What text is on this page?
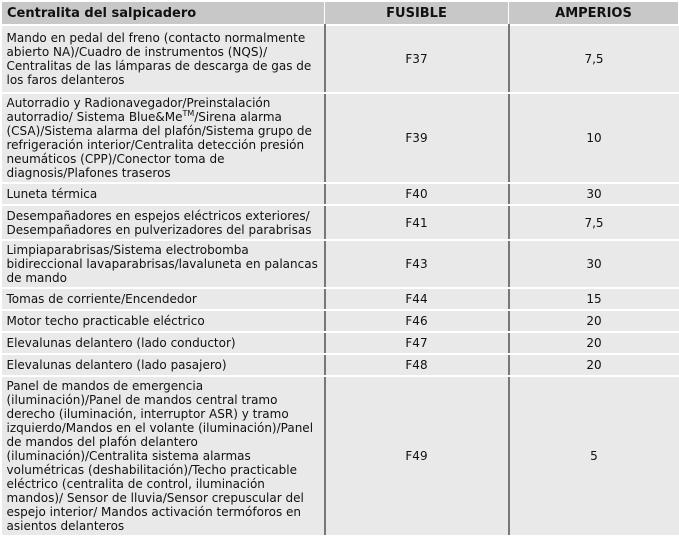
Centralita del salpicadero	FUSIBLE	AMPERIOS
Mando en pedal del freno (contacto normalmente abierto NA)/Cuadro de instrumentos (NQS)/ Centralitas de las lámparas de descarga de gas de los faros delanteros	F37	7,5
Autorradio y Radionavegador/Preinstalación autorradio/ Sistema Blue&Me™/Sirena alarma (CSA)/Sistema alarma del plafón/Sistema grupo de refrigeración interior/Centralita detección presión neumáticos (CPP)/Conector toma de diagnosis/Plafones traseros	F39	10
Luneta térmica	F40	30
Desempañadores en espejos eléctricos exteriores/ Desempañadores en pulverizadores del parabrisas	F41	7,5
Limpiaparabrisas/Sistema electrobomba bidireccional lavaparabrisas/lavaluneta en palancas de mando	F43	30
Tomas de corriente/Encendedor	F44	15
Motor techo practicable eléctrico	F46	20
Elevalunas delantero (lado conductor)	F47	20
Elevalunas delantero (lado pasajero)	F48	20
Panel de mandos de emergencia (iluminación)/Panel de mandos central tramo derecho (iluminación, interruptor ASR) y tramo izquierdo/Mandos en el volante (iluminación)/Panel de mandos del plafón delantero (iluminación)/Centralita sistema alarmas volumétricas (deshabilitación)/Techo practicable eléctrico (centralita de control, iluminación mandos)/ Sensor de lluvia/Sensor crepuscular del espejo interior/ Mandos activación termóforos en asientos delanteros	F49	5
